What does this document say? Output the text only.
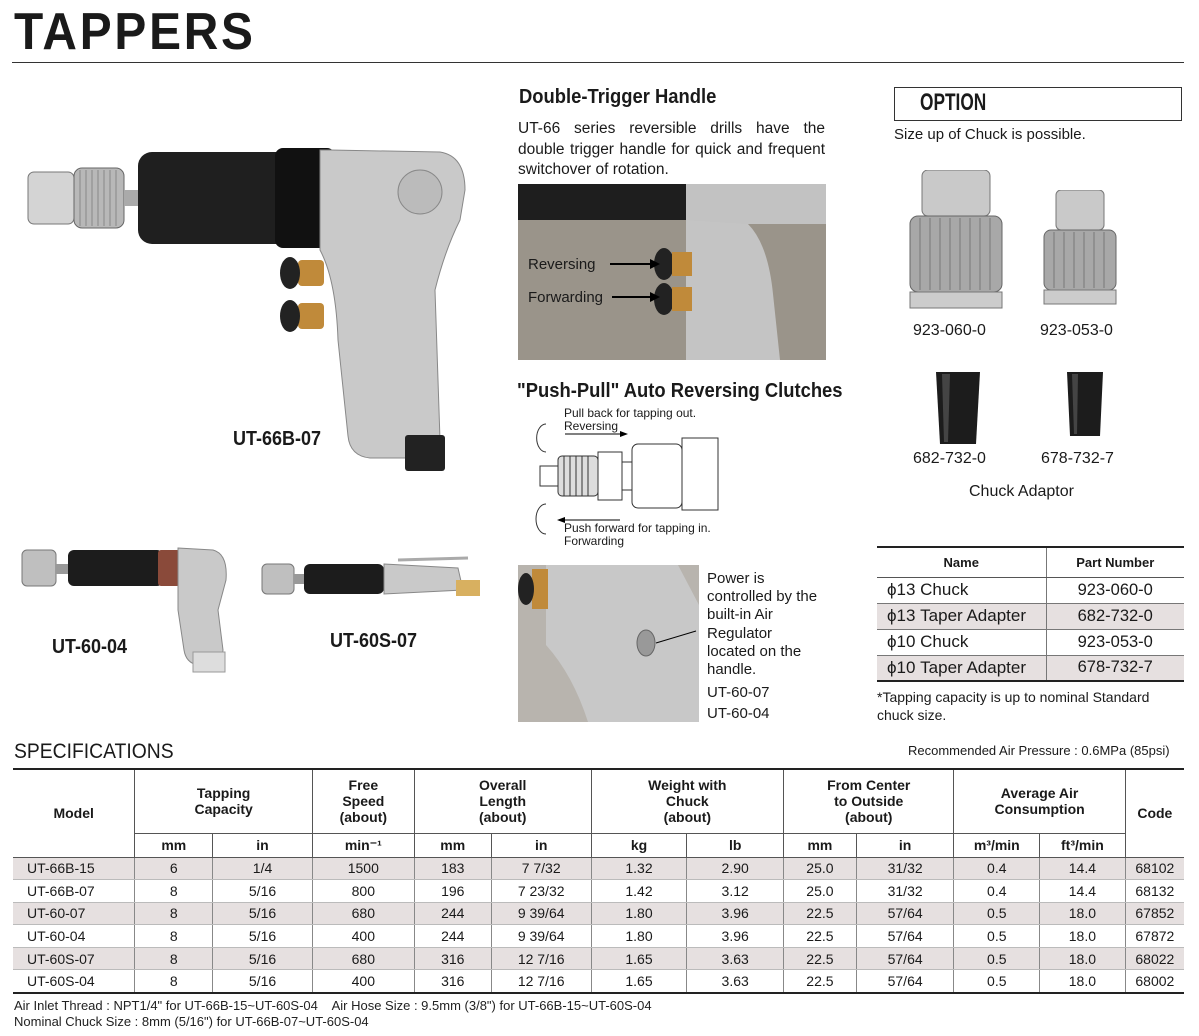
TAPPERS
UT-66B-07
UT-60-04	UT-60S-07
Double-Trigger Handle
UT-66 series reversible drills have the double trigger handle for quick and frequent switchover of rotation.
Reversing
Forwarding
"Push-Pull" Auto Reversing Clutches
Pull back for tapping out.
Reversing
Push forward for tapping in.
Forwarding
Power is controlled by the built-in Air Regulator located on the handle.
UT-60-07
UT-60-04
OPTION
Size up of Chuck is possible.
923-060-0	923-053-0
682-732-0	678-732-7
Chuck Adaptor
Name	Part Number
ϕ13 Chuck	923-060-0
ϕ13 Taper Adapter	682-732-0
ϕ10 Chuck	923-053-0
ϕ10 Taper Adapter	678-732-7
*Tapping capacity is up to nominal Standard chuck size.
SPECIFICATIONS	Recommended Air Pressure : 0.6MPa (85psi)
Model	Tapping Capacity		Free Speed (about)	Overall Length (about)		Weight with Chuck (about)		From Center to Outside (about)		Average Air Consumption		Code
	mm	in	min⁻¹	mm	in	kg	lb	mm	in	m³/min	ft³/min	
UT-66B-15	6	1/4	1500	183	7 7/32	1.32	2.90	25.0	31/32	0.4	14.4	68102
UT-66B-07	8	5/16	800	196	7 23/32	1.42	3.12	25.0	31/32	0.4	14.4	68132
UT-60-07	8	5/16	680	244	9 39/64	1.80	3.96	22.5	57/64	0.5	18.0	67852
UT-60-04	8	5/16	400	244	9 39/64	1.80	3.96	22.5	57/64	0.5	18.0	67872
UT-60S-07	8	5/16	680	316	12 7/16	1.65	3.63	22.5	57/64	0.5	18.0	68022
UT-60S-04	8	5/16	400	316	12 7/16	1.65	3.63	22.5	57/64	0.5	18.0	68002
Air Inlet Thread : NPT1/4" for UT-66B-15~UT-60S-04    Air Hose Size : 9.5mm (3/8") for UT-66B-15~UT-60S-04
Nominal Chuck Size : 8mm (5/16") for UT-66B-07~UT-60S-04
